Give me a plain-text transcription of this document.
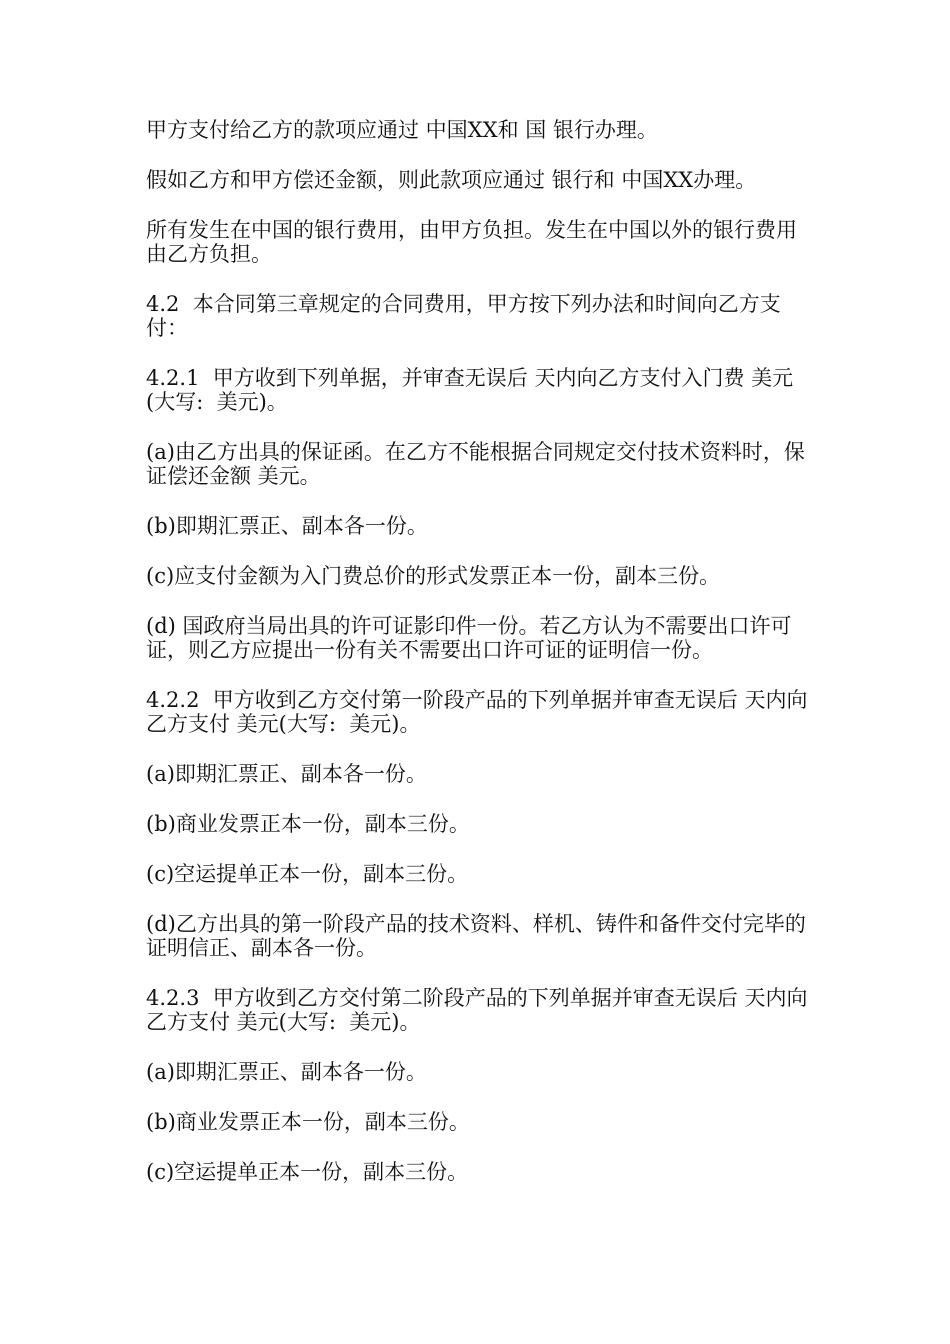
甲方支付给乙方的款项应通过 中国XX和 国 银行办理。

假如乙方和甲方偿还金额，则此款项应通过 银行和 中国XX办理。

所有发生在中国的银行费用，由甲方负担。发生在中国以外的银行费用由乙方负担。

4.2  本合同第三章规定的合同费用，甲方按下列办法和时间向乙方支付：

4.2.1  甲方收到下列单据，并审查无误后 天内向乙方支付入门费 美元(大写:  美元)。

(a)由乙方出具的保证函。在乙方不能根据合同规定交付技术资料时，保证偿还金额 美元。

(b)即期汇票正、副本各一份。

(c)应支付金额为入门费总价的形式发票正本一份，副本三份。

(d) 国政府当局出具的许可证影印件一份。若乙方认为不需要出口许可证，则乙方应提出一份有关不需要出口许可证的证明信一份。

4.2.2  甲方收到乙方交付第一阶段产品的下列单据并审查无误后 天内向乙方支付 美元(大写:  美元)。

(a)即期汇票正、副本各一份。

(b)商业发票正本一份，副本三份。

(c)空运提单正本一份，副本三份。

(d)乙方出具的第一阶段产品的技术资料、样机、铸件和备件交付完毕的证明信正、副本各一份。

4.2.3  甲方收到乙方交付第二阶段产品的下列单据并审查无误后 天内向乙方支付 美元(大写:  美元)。

(a)即期汇票正、副本各一份。

(b)商业发票正本一份，副本三份。

(c)空运提单正本一份，副本三份。
